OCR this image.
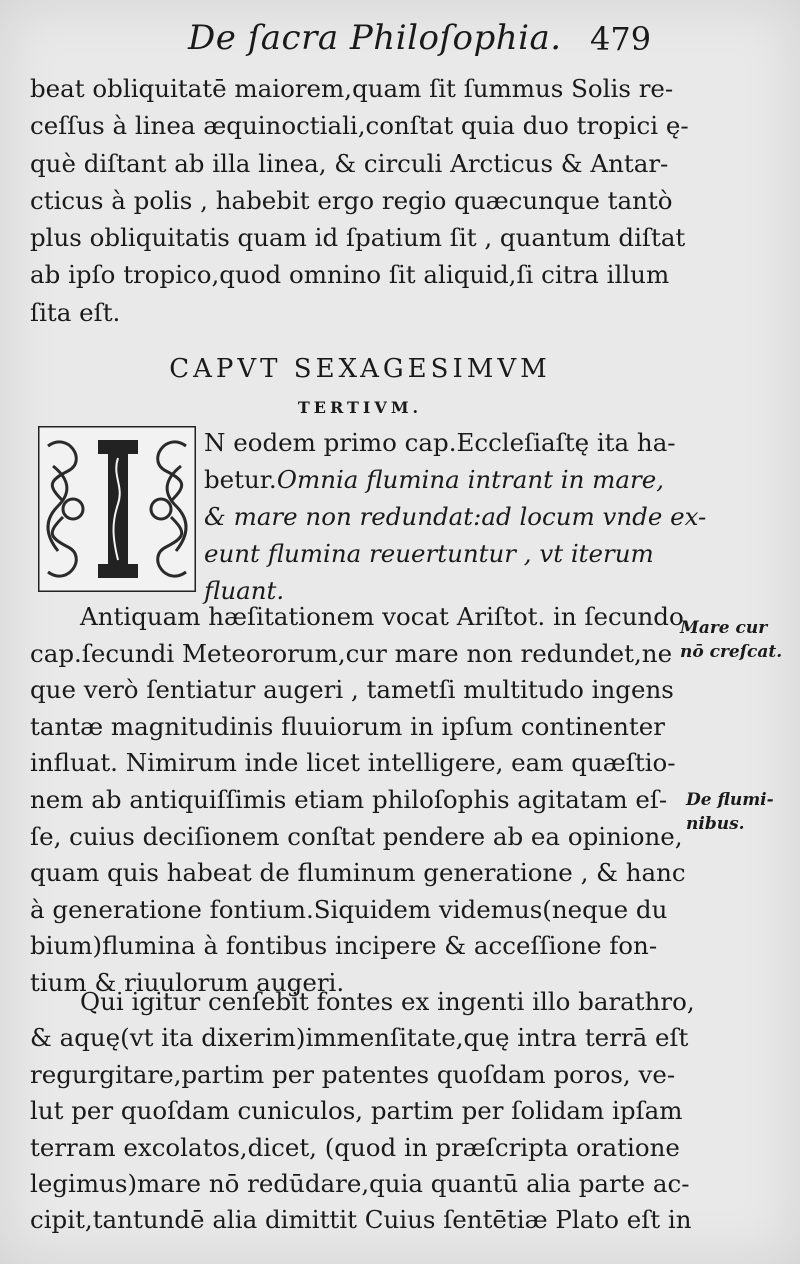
De ſacra Philoſophia. 479
beat obliquitatē maiorem,quam ſit ſummus Solis re-
ceſſus à linea æquinoctiali,conſtat quia duo tropici ę-
què diſtant ab illa linea, & circuli Arcticus & Antar-
cticus à polis , habebit ergo regio quæcunque tantò
plus obliquitatis quam id ſpatium ſit , quantum diſtat
ab ipſo tropico,quod omnino ſit aliquid,ſi citra illum
ſita eſt.
CAPVT SEXAGESIMVM
TERTIVM.
N eodem primo cap.Eccleſiaſtę ita ha-
betur. Omnia flumina intrant in mare,
& mare non redundat:ad locum vnde ex-
eunt flumina reuertuntur , vt iterum
fluant.
Antiquam hæſitationem vocat Ariſtot. in ſecundo
cap.ſecundi Meteororum,cur mare non redundet,ne
que verò ſentiatur augeri , tametſi multitudo ingens
tantæ magnitudinis fluuiorum in ipſum continenter
influat. Nimirum inde licet intelligere, eam quæſtio-
nem ab antiquiſſimis etiam philoſophis agitatam eſ-
ſe, cuius deciſionem conſtat pendere ab ea opinione,
quam quis habeat de fluminum generatione , & hanc
à generatione fontium.Siquidem videmus(neque du
bium)flumina à fontibus incipere & acceſſione fon-
tium & riuulorum augeri.
Qui igitur cenſebit fontes ex ingenti illo barathro,
& aquę(vt ita dixerim)immenſitate,quę intra terrā eſt
regurgitare,partim per patentes quoſdam poros, ve-
lut per quoſdam cuniculos, partim per ſolidam ipſam
terram excolatos,dicet, (quod in præſcripta oratione
legimus)mare nō redūdare,quia quantū alia parte ac-
cipit,tantundē alia dimittit Cuius ſentētiæ Plato eſt in
Mare cur
nō creſcat.
De flumi-
nibus.
